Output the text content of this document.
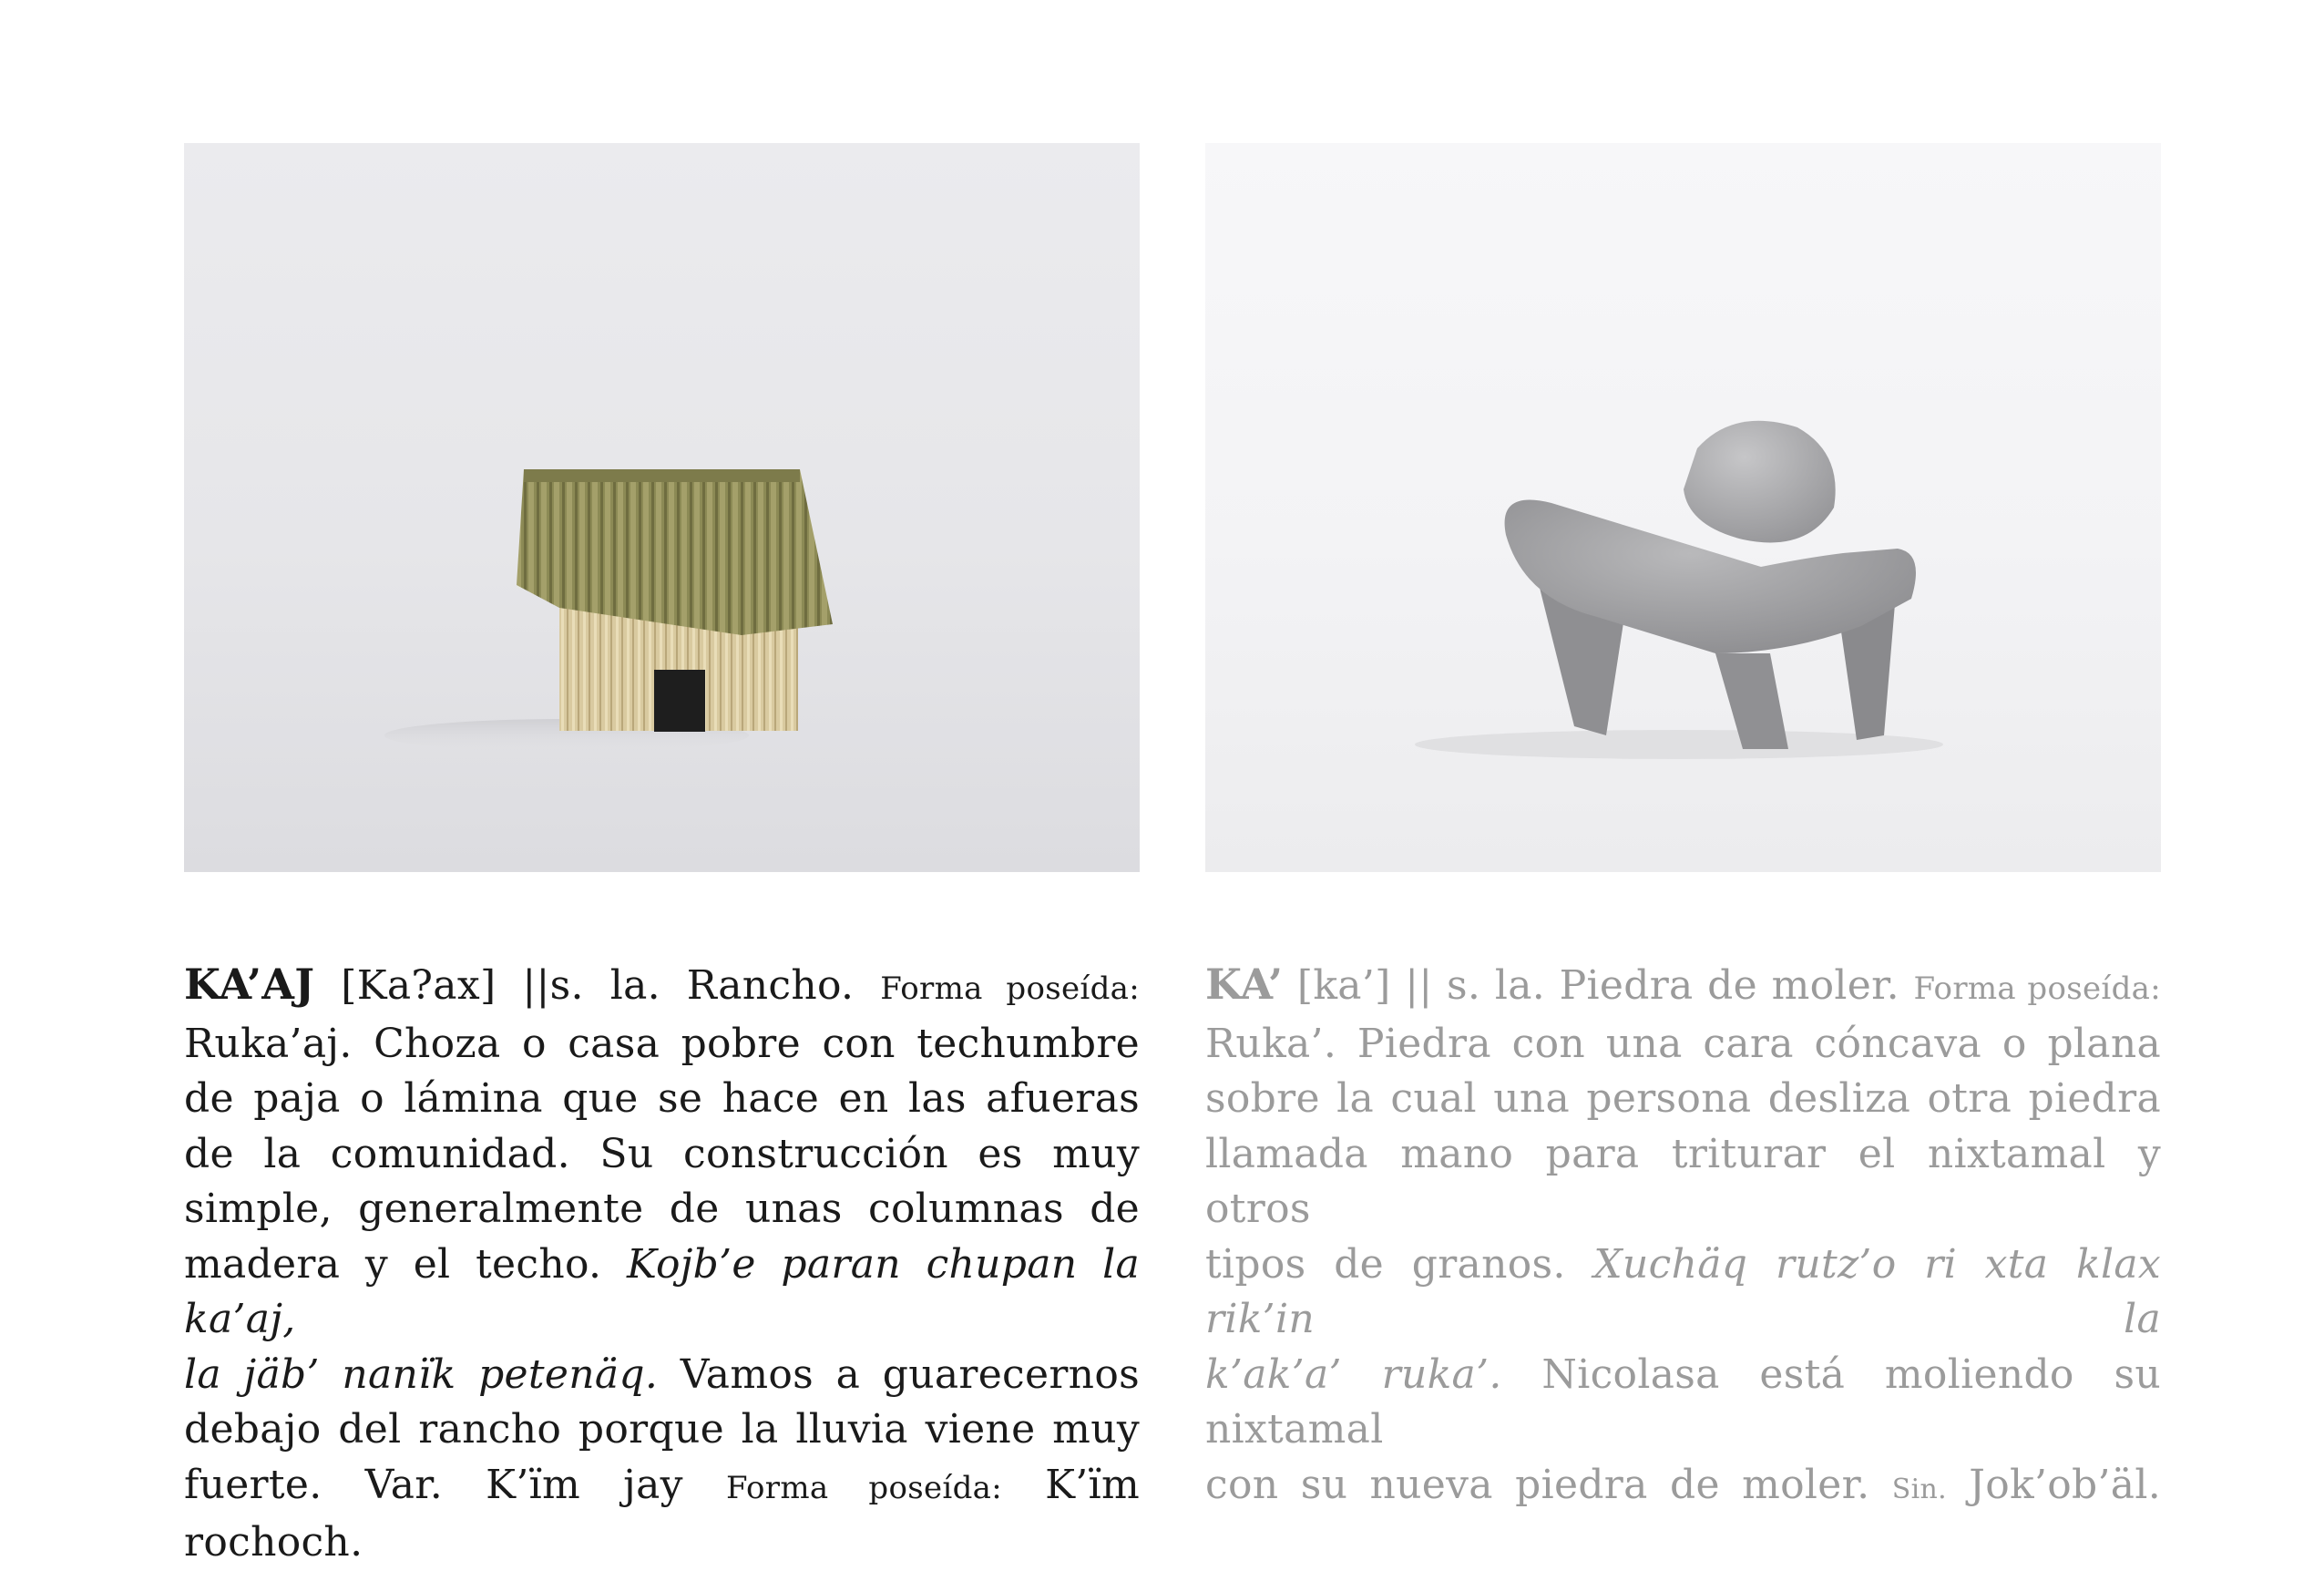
KA’AJ [Ka?ax] ||s. la. Rancho. Forma poseída:
Ruka’aj. Choza o casa pobre con techumbre
de paja o lámina que se hace en las afueras
de la comunidad. Su construcción es muy
simple, generalmente de unas columnas de
madera y el techo. Kojb’e paran chupan la ka’aj,
la jäb’ nanïk petenäq. Vamos a guarecernos
debajo del rancho porque la lluvia viene muy
fuerte. Var. K’ïm jay Forma poseída: K’ïm rochoch.
KA’ [ka’] || s. la. Piedra de moler. Forma poseída:
Ruka’. Piedra con una cara cóncava o plana
sobre la cual una persona desliza otra piedra
llamada mano para triturar el nixtamal y otros
tipos de granos. Xuchäq rutz’o ri xta klax rik’in la
k’ak’a’ ruka’. Nicolasa está moliendo su nixtamal
con su nueva piedra de moler. Sin. Jok’ob’äl.
